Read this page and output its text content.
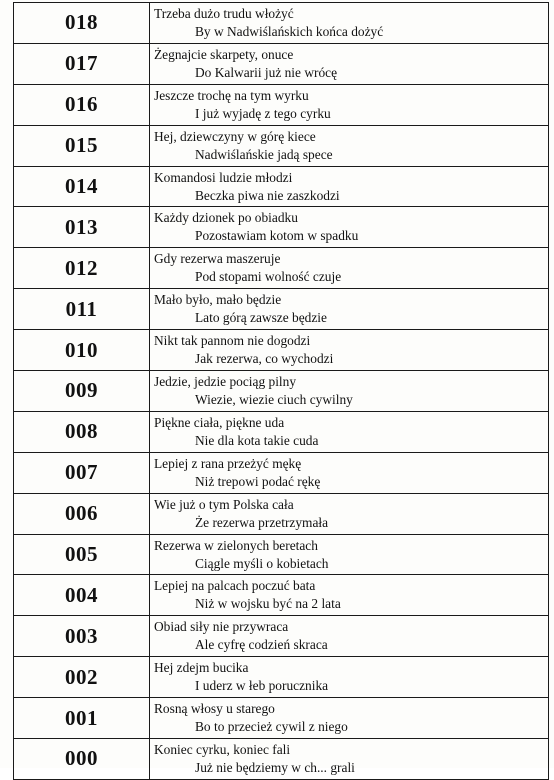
018	Trzeba dużo trudu włożyć
By w Nadwiślańskich końca dożyć

017	Żegnajcie skarpety, onuce
Do Kalwarii już nie wrócę

016	Jeszcze trochę na tym wyrku
I już wyjadę z tego cyrku

015	Hej, dziewczyny w górę kiece
Nadwiślańskie jadą spece

014	Komandosi ludzie młodzi
Beczka piwa nie zaszkodzi

013	Każdy dzionek po obiadku
Pozostawiam kotom w spadku

012	Gdy rezerwa maszeruje
Pod stopami wolność czuje

011	Mało było, mało będzie
Lato górą zawsze będzie

010	Nikt tak pannom nie dogodzi
Jak rezerwa, co wychodzi

009	Jedzie, jedzie pociąg pilny
Wiezie, wiezie ciuch cywilny

008	Piękne ciała, piękne uda
Nie dla kota takie cuda

007	Lepiej z rana przeżyć mękę
Niż trepowi podać rękę

006	Wie już o tym Polska cała
Że rezerwa przetrzymała

005	Rezerwa w zielonych beretach
Ciągle myśli o kobietach

004	Lepiej na palcach poczuć bata
Niż w wojsku być na 2 lata

003	Obiad siły nie przywraca
Ale cyfrę codzień skraca

002	Hej zdejm bucika
I uderz w łeb porucznika

001	Rosną włosy u starego
Bo to przecież cywil z niego

000	Koniec cyrku, koniec fali
Już nie będziemy w ch... grali
